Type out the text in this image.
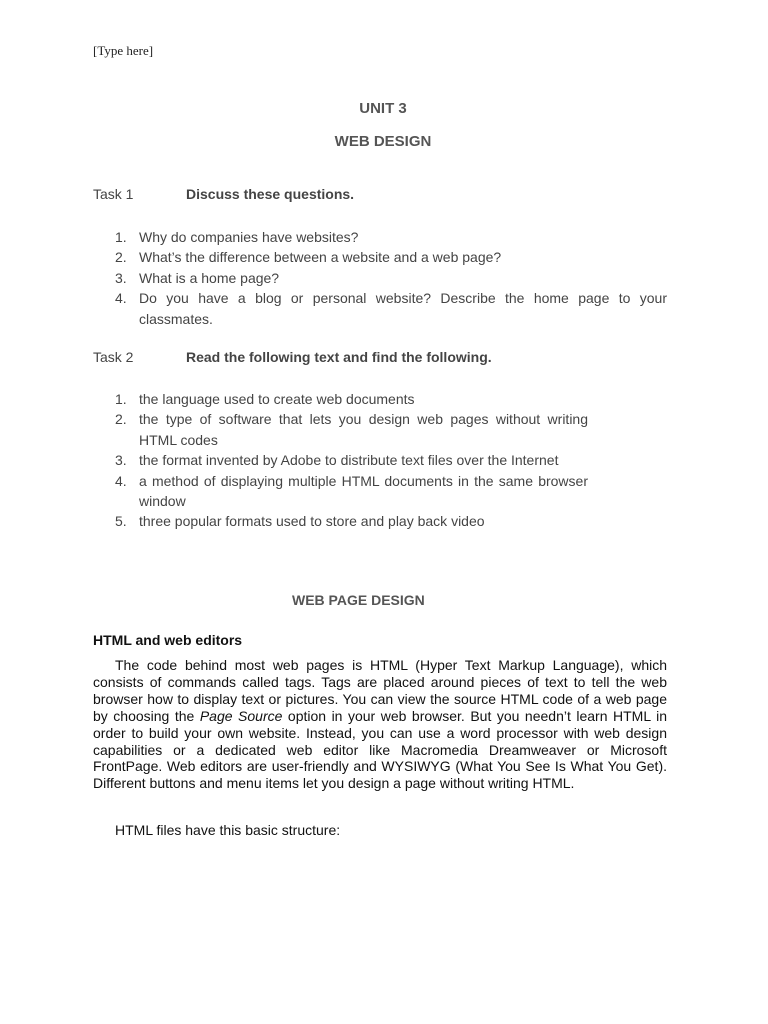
[Type here]
UNIT 3
WEB DESIGN
Task 1	Discuss these questions.
1. Why do companies have websites?
2. What’s the difference between a website and a web page?
3. What is a home page?
4. Do you have a blog or personal website? Describe the home page to your classmates.
Task 2	Read the following text and find the following.
1. the language used to create web documents
2. the type of software that lets you design web pages without writing HTML codes
3. the format invented by Adobe to distribute text files over the Internet
4. a method of displaying multiple HTML documents in the same browser window
5. three popular formats used to store and play back video
WEB PAGE DESIGN
HTML and web editors

The code behind most web pages is HTML (Hyper Text Markup Language), which consists of commands called tags. Tags are placed around pieces of text to tell the web browser how to display text or pictures. You can view the source HTML code of a web page by choosing the Page Source option in your web browser. But you needn’t learn HTML in order to build your own website. Instead, you can use a word processor with web design capabilities or a dedicated web editor like Macromedia Dreamweaver or Microsoft FrontPage. Web editors are user-friendly and WYSIWYG (What You See Is What You Get). Different buttons and menu items let you design a page without writing HTML.

HTML files have this basic structure:
